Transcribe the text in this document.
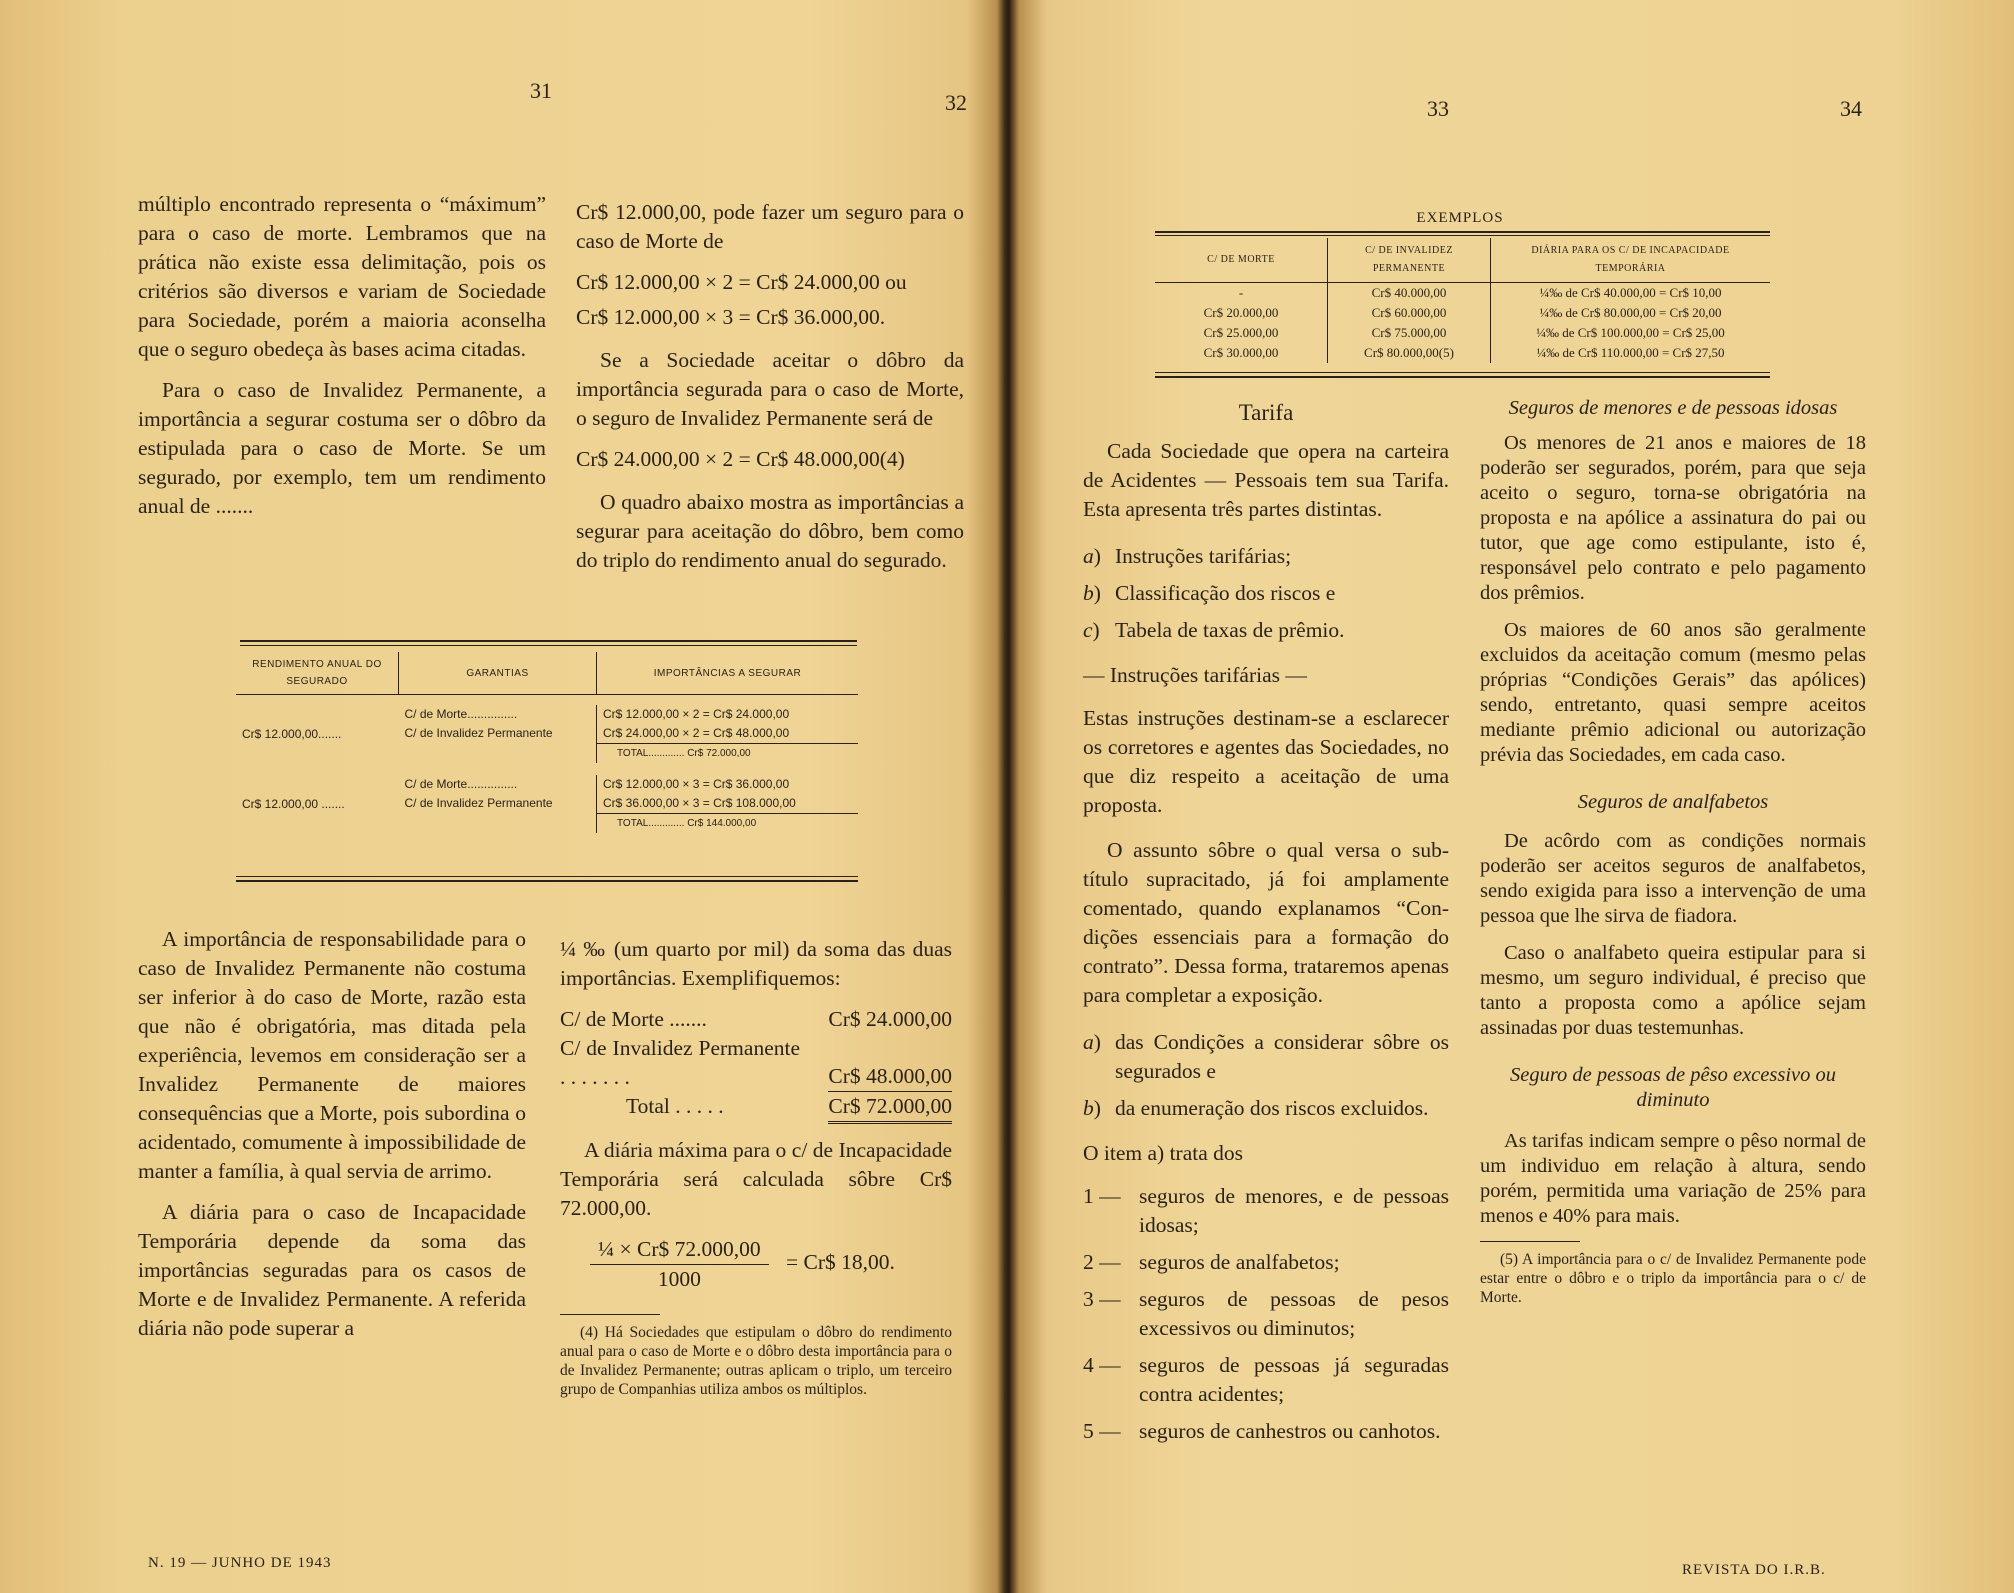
31	32	33	34

múltiplo encontrado representa o “máximum” para o caso de morte. Lembramos que na prática não existe essa delimitação, pois os critérios são diversos e variam de Sociedade para Sociedade, porém a maioria aconselha que o seguro obedeça às bases acima citadas.

Para o caso de Invalidez Permanente, a importância a segurar costuma ser o dôbro da estipulada para o caso de Morte. Se um segurado, por exemplo, tem um rendimento anual de .......

Cr$ 12.000,00, pode fazer um seguro para o caso de Morte de

Cr$ 12.000,00 × 2 = Cr$ 24.000,00 ou
Cr$ 12.000,00 × 3 = Cr$ 36.000,00.

Se a Sociedade aceitar o dôbro da importância segurada para o caso de Morte, o seguro de Invalidez Permanente será de

Cr$ 24.000,00 × 2 = Cr$ 48.000,00(4)

O quadro abaixo mostra as importâncias a segurar para aceitação do dôbro, bem como do triplo do rendimento anual do segurado.

RENDIMENTO ANUAL DO SEGURADO	GARANTIAS	IMPORTÂNCIAS A SEGURAR

Cr$ 12.000,00.......	C/ de Morte...............	Cr$ 12.000,00 × 2 = Cr$ 24.000,00
	C/ de Invalidez Permanente	Cr$ 24.000,00 × 2 = Cr$ 48.000,00
		TOTAL............. Cr$ 72.000,00

Cr$ 12.000,00 .......	C/ de Morte...............	Cr$ 12.000,00 × 3 = Cr$ 36.000,00
	C/ de Invalidez Permanente	Cr$ 36.000,00 × 3 = Cr$ 108.000,00
		TOTAL............. Cr$ 144.000,00

A importância de responsabilidade para o caso de Invalidez Permanente não costuma ser inferior à do caso de Morte, razão esta que não é obrigatória, mas ditada pela experiência, levemos em consideração ser a Invalidez Permanente de maiores consequências que a Morte, pois subordina o acidentado, comumente à impossibilidade de manter a família, à qual servia de arrimo.

A diária para o caso de Incapacidade Temporária depende da soma das importâncias seguradas para os casos de Morte e de Invalidez Permanente. A referida diária não pode superar a

¼ ‰ (um quarto por mil) da soma das duas importâncias. Exemplifiquemos:

C/ de Morte .......	Cr$ 24.000,00
C/ de Invalidez Permanente . . . . . . .	Cr$ 48.000,00
Total . . . . .	Cr$ 72.000,00

A diária máxima para o c/ de Incapacidade Temporária será calculada sôbre Cr$ 72.000,00.

$\frac{\text{¼ × Cr\$ 72.000,00}}{1000}$ = Cr$ 18,00.

(4) Há Sociedades que estipulam o dôbro do rendimento anual para o caso de Morte e o dôbro desta importância para o de Invalidez Permanente; outras aplicam o triplo, um terceiro grupo de Companhias utiliza ambos os múltiplos.

EXEMPLOS
C/ DE MORTE	C/ DE INVALIDEZ PERMANENTE	DIÁRIA PARA OS C/ DE INCAPACIDADE TEMPORÁRIA
-	Cr$ 40.000,00	¼‰ de Cr$ 40.000,00 = Cr$ 10,00
Cr$ 20.000,00	Cr$ 60.000,00	¼‰ de Cr$ 80.000,00 = Cr$ 20,00
Cr$ 25.000,00	Cr$ 75.000,00	¼‰ de Cr$ 100.000,00 = Cr$ 25,00
Cr$ 30.000,00	Cr$ 80.000,00(5)	¼‰ de Cr$ 110.000,00 = Cr$ 27,50
Tarifa

Cada Sociedade que opera na carteira de Acidentes — Pessoais tem sua Tarifa. Esta apresenta três partes distintas.

a) Instruções tarifárias;
b) Classificação dos riscos e
c) Tabela de taxas de prêmio.
— Instruções tarifárias —

Estas instruções destinam-se a esclarecer os corretores e agentes das Sociedades, no que diz respeito a aceitação de uma proposta.

O assunto sôbre o qual versa o subtítulo supracitado, já foi amplamente comentado, quando explanamos “Condições essenciais para a formação do contrato”. Dessa forma, trataremos apenas para completar a exposição.

a) das Condições a considerar sôbre os segurados e
b) da enumeração dos riscos excluidos.

O item a) trata dos

1 — seguros de menores, e de pessoas idosas;
2 — seguros de analfabetos;
3 — seguros de pessoas de pesos excessivos ou diminutos;
4 — seguros de pessoas já seguradas contra acidentes;
5 — seguros de canhestros ou canhotos.
Seguros de menores e de pessoas idosas

Os menores de 21 anos e maiores de 18 poderão ser segurados, porém, para que seja aceito o seguro, torna-se obrigatória na proposta e na apólice a assinatura do pai ou tutor, que age como estipulante, isto é, responsável pelo contrato e pelo pagamento dos prêmios.

Os maiores de 60 anos são geralmente excluidos da aceitação comum (mesmo pelas próprias “Condições Gerais” das apólices) sendo, entretanto, quasi sempre aceitos mediante prêmio adicional ou autorização prévia das Sociedades, em cada caso.

Seguros de analfabetos

De acôrdo com as condições normais poderão ser aceitos seguros de analfabetos, sendo exigida para isso a intervenção de uma pessoa que lhe sirva de fiadora.

Caso o analfabeto queira estipular para si mesmo, um seguro individual, é preciso que tanto a proposta como a apólice sejam assinadas por duas testemunhas.

Seguro de pessoas de pêso excessivo ou diminuto

As tarifas indicam sempre o pêso normal de um individuo em relação à altura, sendo porém, permitida uma variação de 25% para menos e 40% para mais.

(5) A importância para o c/ de Invalidez Permanente pode estar entre o dôbro e o triplo da importância para o c/ de Morte.

N. 19 — JUNHO DE 1943	REVISTA DO I.R.B.
